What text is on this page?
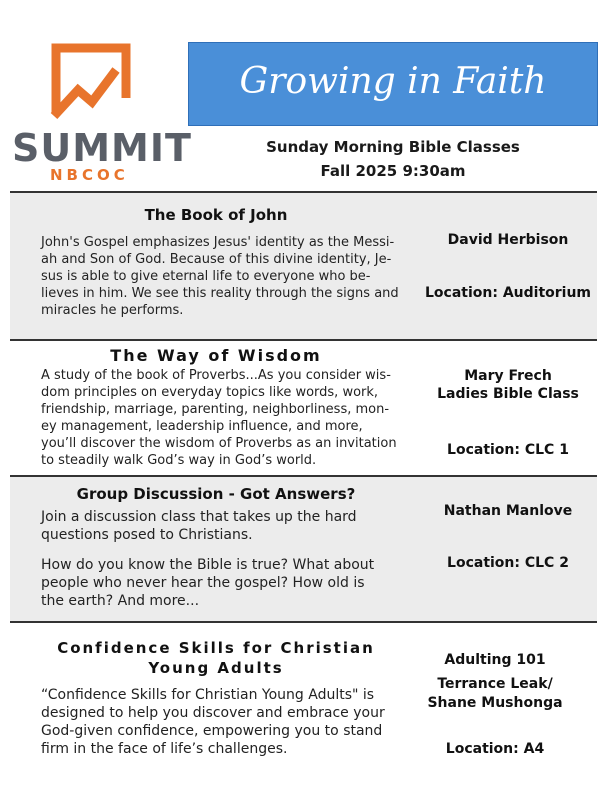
SUMMIT
NBCOC
Growing in Faith
Sunday Morning Bible Classes
Fall 2025 9:30am
The Book of John
John's Gospel emphasizes Jesus' identity as the Messi-
ah and Son of God. Because of this divine identity, Je-
sus is able to give eternal life to everyone who be-
lieves in him. We see this reality through the signs and
miracles he performs.
David Herbison
Location: Auditorium
The Way of Wisdom
A study of the book of Proverbs...As you consider wis-
dom principles on everyday topics like words, work,
friendship, marriage, parenting, neighborliness, mon-
ey management, leadership influence, and more,
you’ll discover the wisdom of Proverbs as an invitation
to steadily walk God’s way in God’s world.
Mary Frech
Ladies Bible Class
Location: CLC 1
Group Discussion - Got Answers?
Join a discussion class that takes up the hard
questions posed to Christians.
How do you know the Bible is true? What about
people who never hear the gospel? How old is
the earth? And more...
Nathan Manlove
Location: CLC 2
Confidence Skills for Christian
Young Adults
“Confidence Skills for Christian Young Adults" is
designed to help you discover and embrace your
God-given confidence, empowering you to stand
firm in the face of life’s challenges.
Adulting 101
Terrance Leak/
Shane Mushonga
Location: A4
